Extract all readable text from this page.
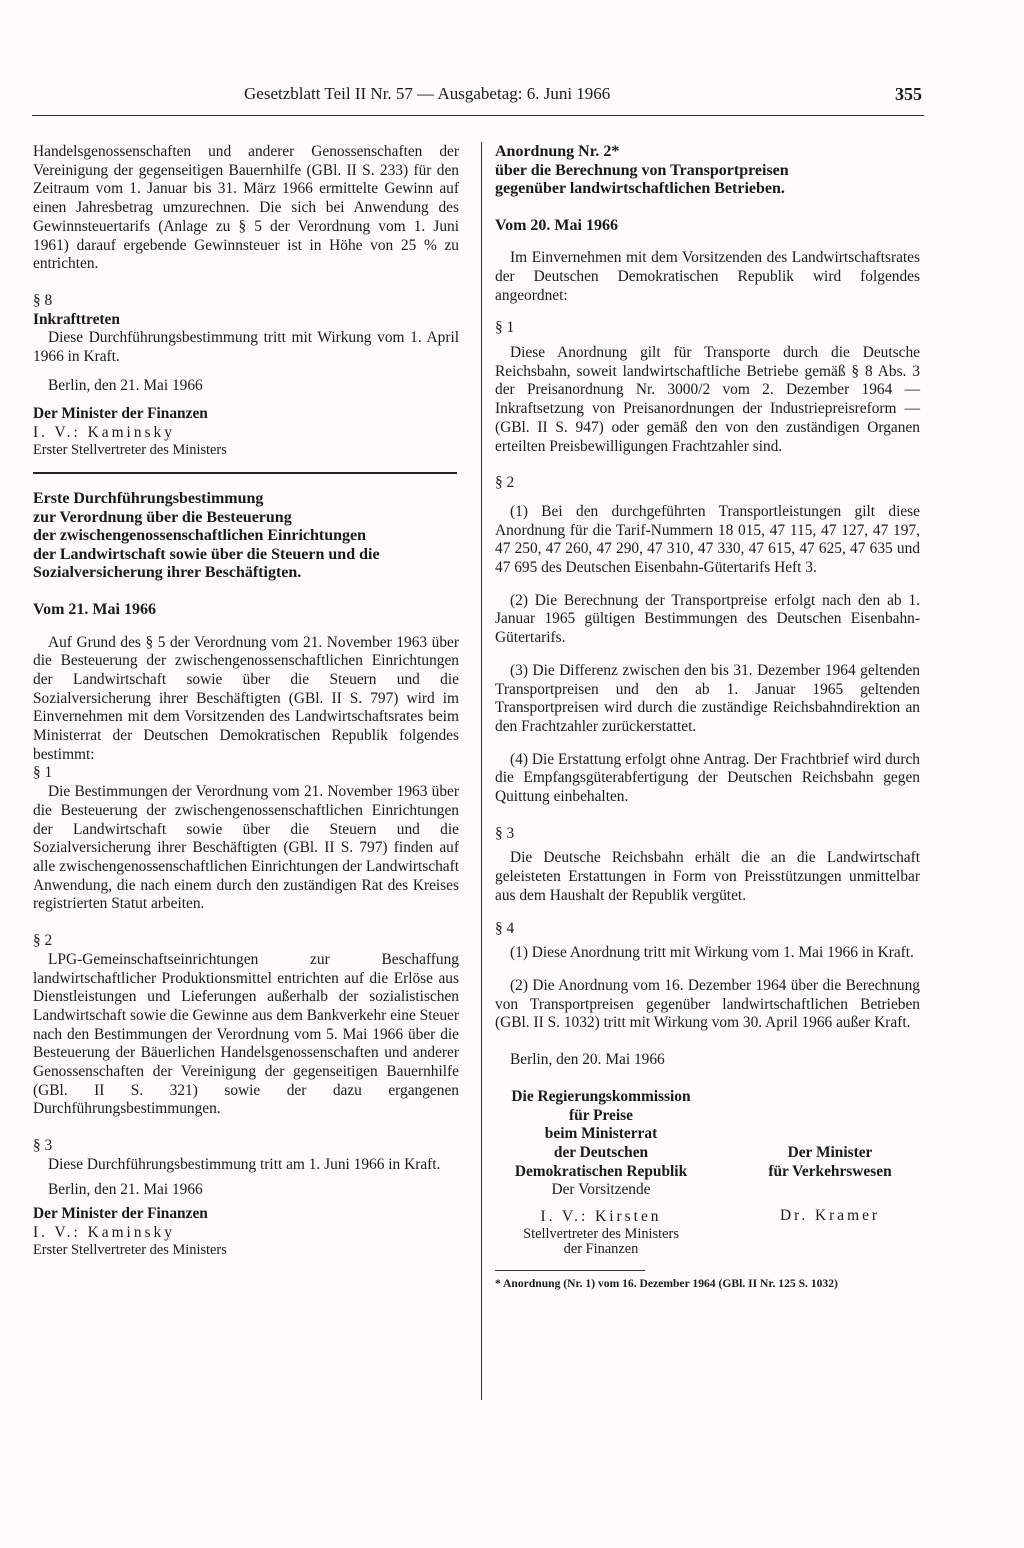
Gesetzblatt Teil II Nr. 57 — Ausgabetag: 6. Juni 1966	355

Handelsgenossenschaften und anderer Genossenschaften der Vereinigung der gegenseitigen Bauernhilfe (GBl. II S. 233) für den Zeitraum vom 1. Januar bis 31. März 1966 ermittelte Gewinn auf einen Jahresbetrag umzurechnen. Die sich bei Anwendung des Gewinnsteuertarifs (Anlage zu § 5 der Verordnung vom 1. Juni 1961) darauf ergebende Gewinnsteuer ist in Höhe von 25 % zu entrichten.

§ 8

Inkrafttreten

Diese Durchführungsbestimmung tritt mit Wirkung vom 1. April 1966 in Kraft.

Berlin, den 21. Mai 1966

Der Minister der Finanzen

I. V.: Kaminsky

Erster Stellvertreter des Ministers

Erste Durchführungsbestimmung

zur Verordnung über die Besteuerung

der zwischengenossenschaftlichen Einrichtungen

der Landwirtschaft sowie über die Steuern und die

Sozialversicherung ihrer Beschäftigten.

Vom 21. Mai 1966

Auf Grund des § 5 der Verordnung vom 21. November 1963 über die Besteuerung der zwischengenossenschaftlichen Einrichtungen der Landwirtschaft sowie über die Steuern und die Sozialversicherung ihrer Beschäftigten (GBl. II S. 797) wird im Einvernehmen mit dem Vorsitzenden des Landwirtschaftsrates beim Ministerrat der Deutschen Demokratischen Republik folgendes bestimmt:

§ 1

Die Bestimmungen der Verordnung vom 21. November 1963 über die Besteuerung der zwischengenossenschaftlichen Einrichtungen der Landwirtschaft sowie über die Steuern und die Sozialversicherung ihrer Beschäftigten (GBl. II S. 797) finden auf alle zwischengenossenschaftlichen Einrichtungen der Landwirtschaft Anwendung, die nach einem durch den zuständigen Rat des Kreises registrierten Statut arbeiten.

§ 2

LPG-Gemeinschaftseinrichtungen zur Beschaffung landwirtschaftlicher Produktionsmittel entrichten auf die Erlöse aus Dienstleistungen und Lieferungen außerhalb der sozialistischen Landwirtschaft sowie die Gewinne aus dem Bankverkehr eine Steuer nach den Bestimmungen der Verordnung vom 5. Mai 1966 über die Besteuerung der Bäuerlichen Handelsgenossenschaften und anderer Genossenschaften der Vereinigung der gegenseitigen Bauernhilfe (GBl. II S. 321) sowie der dazu ergangenen Durchführungsbestimmungen.

§ 3

Diese Durchführungsbestimmung tritt am 1. Juni 1966 in Kraft.

Berlin, den 21. Mai 1966

Der Minister der Finanzen

I. V.: Kaminsky

Erster Stellvertreter des Ministers

Anordnung Nr. 2*

über die Berechnung von Transportpreisen

gegenüber landwirtschaftlichen Betrieben.

Vom 20. Mai 1966

Im Einvernehmen mit dem Vorsitzenden des Landwirtschaftsrates der Deutschen Demokratischen Republik wird folgendes angeordnet:

§ 1

Diese Anordnung gilt für Transporte durch die Deutsche Reichsbahn, soweit landwirtschaftliche Betriebe gemäß § 8 Abs. 3 der Preisanordnung Nr. 3000/2 vom 2. Dezember 1964 — Inkraftsetzung von Preisanordnungen der Industriepreisreform — (GBl. II S. 947) oder gemäß den von den zuständigen Organen erteilten Preisbewilligungen Frachtzahler sind.

§ 2

(1) Bei den durchgeführten Transportleistungen gilt diese Anordnung für die Tarif-Nummern 18 015, 47 115, 47 127, 47 197, 47 250, 47 260, 47 290, 47 310, 47 330, 47 615, 47 625, 47 635 und 47 695 des Deutschen Eisenbahn-Gütertarifs Heft 3.

(2) Die Berechnung der Transportpreise erfolgt nach den ab 1. Januar 1965 gültigen Bestimmungen des Deutschen Eisenbahn-Gütertarifs.

(3) Die Differenz zwischen den bis 31. Dezember 1964 geltenden Transportpreisen und den ab 1. Januar 1965 geltenden Transportpreisen wird durch die zuständige Reichsbahndirektion an den Frachtzahler zurückerstattet.

(4) Die Erstattung erfolgt ohne Antrag. Der Frachtbrief wird durch die Empfangsgüterabfertigung der Deutschen Reichsbahn gegen Quittung einbehalten.

§ 3

Die Deutsche Reichsbahn erhält die an die Landwirtschaft geleisteten Erstattungen in Form von Preisstützungen unmittelbar aus dem Haushalt der Republik vergütet.

§ 4

(1) Diese Anordnung tritt mit Wirkung vom 1. Mai 1966 in Kraft.

(2) Die Anordnung vom 16. Dezember 1964 über die Berechnung von Transportpreisen gegenüber landwirtschaftlichen Betrieben (GBl. II S. 1032) tritt mit Wirkung vom 30. April 1966 außer Kraft.

Berlin, den 20. Mai 1966

Die Regierungskommission
für Preise
beim Ministerrat
der Deutschen
Demokratischen Republik
Der Vorsitzende
I. V.: Kirsten
Stellvertreter des Ministers
der Finanzen
Der Minister
für Verkehrswesen
Dr. Kramer

* Anordnung (Nr. 1) vom 16. Dezember 1964 (GBl. II Nr. 125 S. 1032)
